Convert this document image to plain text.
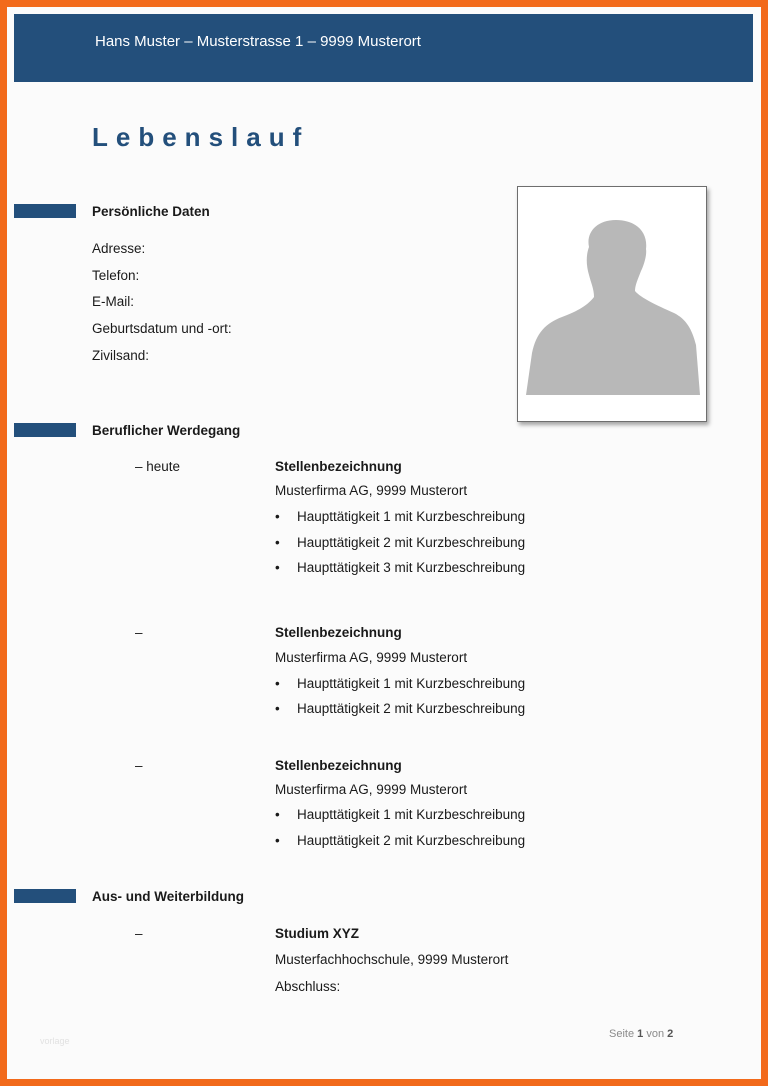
Hans Muster – Musterstrasse 1 – 9999 Musterort
Lebenslauf
Persönliche Daten
Adresse:
Telefon:
E-Mail:
Geburtsdatum und -ort:
Zivilsand:
Beruflicher Werdegang
– heute	Stellenbezeichnung
Musterfirma AG, 9999 Musterort
• Haupttätigkeit 1 mit Kurzbeschreibung
• Haupttätigkeit 2 mit Kurzbeschreibung
• Haupttätigkeit 3 mit Kurzbeschreibung
–	Stellenbezeichnung
Musterfirma AG, 9999 Musterort
• Haupttätigkeit 1 mit Kurzbeschreibung
• Haupttätigkeit 2 mit Kurzbeschreibung
–	Stellenbezeichnung
Musterfirma AG, 9999 Musterort
• Haupttätigkeit 1 mit Kurzbeschreibung
• Haupttätigkeit 2 mit Kurzbeschreibung
Aus- und Weiterbildung
–	Studium XYZ
Musterfachhochschule, 9999 Musterort
Abschluss:
vorlage
Seite 1 von 2
